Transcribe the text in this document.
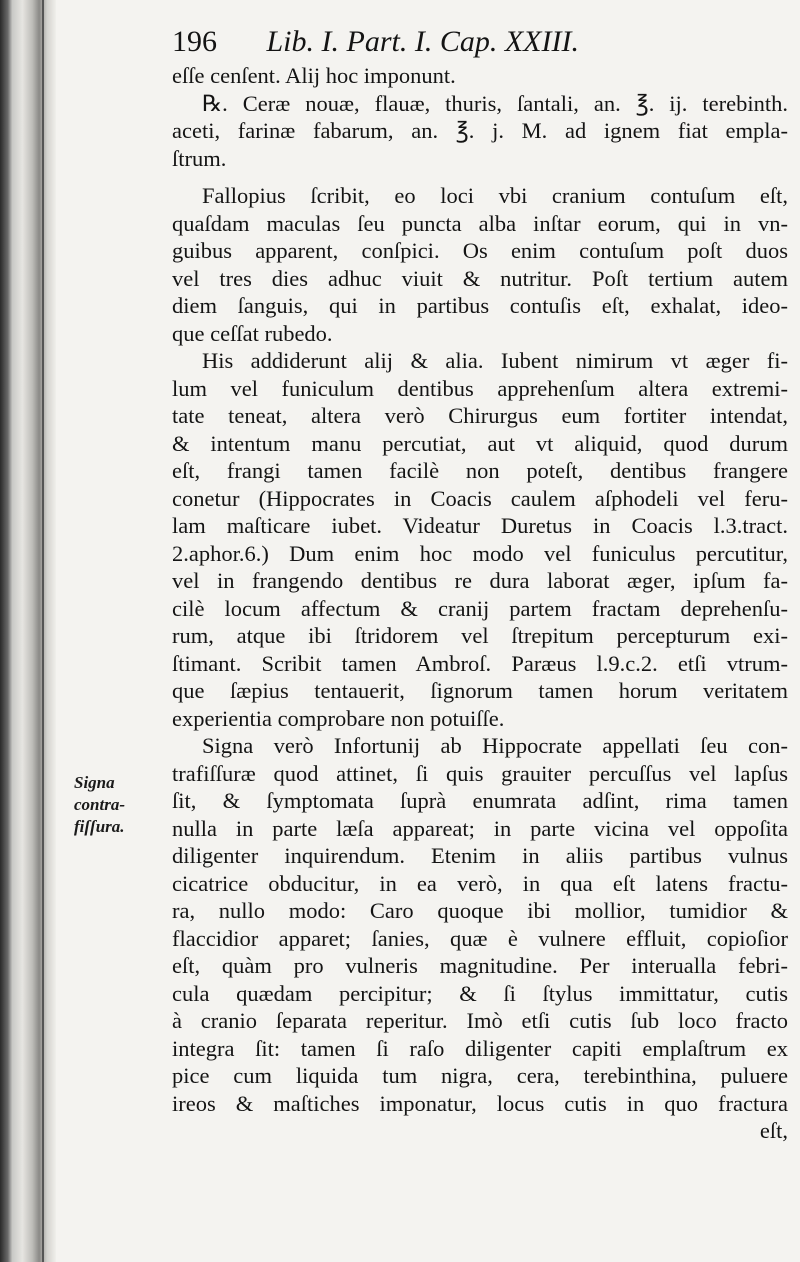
196 Lib. I. Part. I. Cap. XXIII.
Signa
contra-
fiſſura.
eſſe cenſent. Alij hoc imponunt.
℞. Ceræ nouæ, flauæ, thuris, ſantali, an. ℥. ij. terebinth.
aceti, farinæ fabarum, an. ℥. j. M. ad ignem fiat empla-
ſtrum.
Fallopius ſcribit, eo loci vbi cranium contuſum eſt,
quaſdam maculas ſeu puncta alba inſtar eorum, qui in vn-
guibus apparent, conſpici. Os enim contuſum poſt duos
vel tres dies adhuc viuit & nutritur. Poſt tertium autem
diem ſanguis, qui in partibus contuſis eſt, exhalat, ideo-
que ceſſat rubedo.
His addiderunt alij & alia. Iubent nimirum vt æger fi-
lum vel funiculum dentibus apprehenſum altera extremi-
tate teneat, altera verò Chirurgus eum fortiter intendat,
& intentum manu percutiat, aut vt aliquid, quod durum
eſt, frangi tamen facilè non poteſt, dentibus frangere
conetur (Hippocrates in Coacis caulem aſphodeli vel feru-
lam maſticare iubet. Videatur Duretus in Coacis l.3.tract.
2.aphor.6.) Dum enim hoc modo vel funiculus percutitur,
vel in frangendo dentibus re dura laborat æger, ipſum fa-
cilè locum affectum & cranij partem fractam deprehenſu-
rum, atque ibi ſtridorem vel ſtrepitum percepturum exi-
ſtimant. Scribit tamen Ambroſ. Paræus l.9.c.2. etſi vtrum-
que ſæpius tentauerit, ſignorum tamen horum veritatem
experientia comprobare non potuiſſe.
Signa verò Infortunij ab Hippocrate appellati ſeu con-
trafiſſuræ quod attinet, ſi quis grauiter percuſſus vel lapſus
ſit, & ſymptomata ſuprà enumrata adſint, rima tamen
nulla in parte læſa appareat; in parte vicina vel oppoſita
diligenter inquirendum. Etenim in aliis partibus vulnus
cicatrice obducitur, in ea verò, in qua eſt latens fractu-
ra, nullo modo: Caro quoque ibi mollior, tumidior &
flaccidior apparet; ſanies, quæ è vulnere effluit, copioſior
eſt, quàm pro vulneris magnitudine. Per interualla febri-
cula quædam percipitur; & ſi ſtylus immittatur, cutis
à cranio ſeparata reperitur. Imò etſi cutis ſub loco fracto
integra ſit: tamen ſi raſo diligenter capiti emplaſtrum ex
pice cum liquida tum nigra, cera, terebinthina, puluere
ireos & maſtiches imponatur, locus cutis in quo fractura
eſt,
